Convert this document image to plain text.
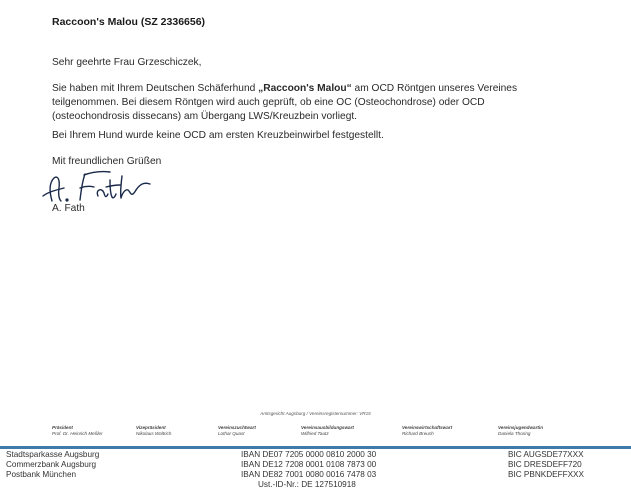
Raccoon's Malou (SZ 2336656)
Sehr geehrte Frau Grzeschiczek,
Sie haben mit Ihrem Deutschen Schäferhund „Raccoon's Malou“ am OCD Röntgen unseres Vereines
teilgenommen. Bei diesem Röntgen wird auch geprüft, ob eine OC (Osteochondrose) oder OCD
(osteochondrosis dissecans) am Übergang LWS/Kreuzbein vorliegt.
Bei Ihrem Hund wurde keine OCD am ersten Kreuzbeinwirbel festgestellt.
Mit freundlichen Grüßen
A. Fath
Amtsgericht Augsburg / Vereinsregisternummer: VR15
Präsident
Prof. Dr. Heinrich Meßler
Vizepräsident
Nikolaus Waltrich
Vereinszuchtwart
Lothar Quast
Vereinsausbildungswart
Wilfried Tautz
Vereinswirtschaftswart
Richard Breush
Vereinsjugendwartin
Daniela Thoring
Stadtsparkasse Augsburg	IBAN DE07 7205 0000 0810 2000 30	BIC AUGSDE77XXX
Commerzbank Augsburg	IBAN DE12 7208 0001 0108 7873 00	BIC DRESDEFF720
Postbank München	IBAN DE82 7001 0080 0016 7478 03	BIC PBNKDEFFXXX
Ust.-ID-Nr.: DE 127510918
